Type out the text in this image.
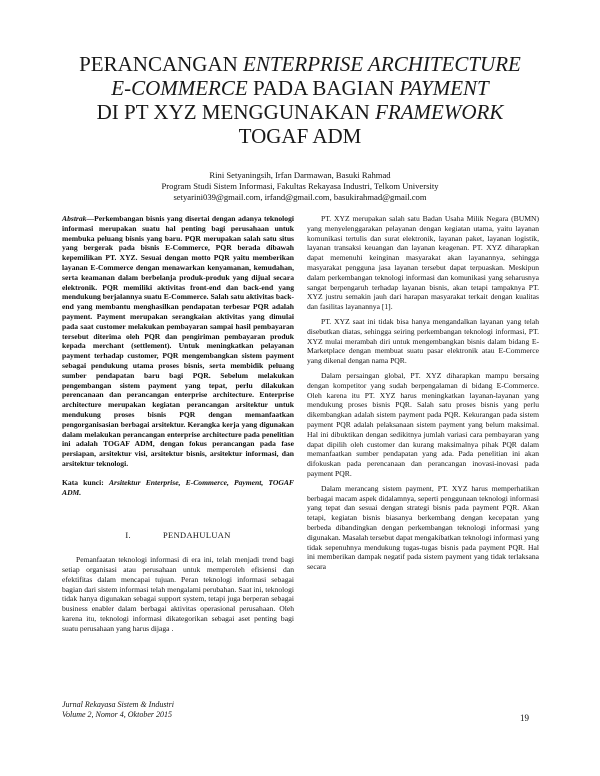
PERANCANGAN ENTERPRISE ARCHITECTURE
E-COMMERCE PADA BAGIAN PAYMENT
DI PT XYZ MENGGUNAKAN FRAMEWORK
TOGAF ADM
Rini Setyaningsih, Irfan Darmawan, Basuki Rahmad
Program Studi Sistem Informasi, Fakultas Rekayasa Industri, Telkom University
setyarini039@gmail.com, irfand@gmail.com, basukirahmad@gmail.com

Abstrak—Perkembangan bisnis yang disertai dengan adanya teknologi informasi merupakan suatu hal penting bagi perusahaan untuk membuka peluang bisnis yang baru. PQR merupakan salah satu situs yang bergerak pada bisnis E-Commerce, PQR berada dibawah kepemilikan PT. XYZ. Sesuai dengan motto PQR yaitu memberikan layanan E-Commerce dengan menawarkan kenyamanan, kemudahan, serta keamanan dalam berbelanja produk-produk yang dijual secara elektronik. PQR memiliki aktivitas front-end dan back-end yang mendukung berjalannya suatu E-Commerce. Salah satu aktivitas back-end yang membantu menghasilkan pendapatan terbesar PQR adalah payment. Payment merupakan serangkaian aktivitas yang dimulai pada saat customer melakukan pembayaran sampai hasil pembayaran tersebut diterima oleh PQR dan pengiriman pembayaran produk kepada merchant (settlement). Untuk meningkatkan pelayanan payment terhadap customer, PQR mengembangkan sistem payment sebagai pendukung utama proses bisnis, serta membidik peluang sumber pendapatan baru bagi PQR. Sebelum melakukan pengembangan sistem payment yang tepat, perlu dilakukan perencanaan dan perancangan enterprise architecture. Enterprise architecture merupakan kegiatan perancangan arsitektur untuk mendukung proses bisnis PQR dengan memanfaatkan pengorganisasian berbagai arsitektur. Kerangka kerja yang digunakan dalam melakukan perancangan enterprise architecture pada penelitian ini adalah TOGAF ADM, dengan fokus perancangan pada fase persiapan, arsitektur visi, arsitektur bisnis, arsitektur informasi, dan arsitektur teknologi.

Kata kunci: Arsitektur Enterprise, E-Commerce, Payment, TOGAF ADM.

I.	PENDAHULUAN

Pemanfaatan teknologi informasi di era ini, telah menjadi trend bagi setiap organisasi atau perusahaan untuk memperoleh efisiensi dan efektifitas dalam mencapai tujuan. Peran teknologi informasi sebagai bagian dari sistem informasi telah mengalami perubahan. Saat ini, teknologi tidak hanya digunakan sebagai support system, tetapi juga berperan sebagai business enabler dalam berbagai aktivitas operasional perusahaan. Oleh karena itu, teknologi informasi dikategorikan sebagai aset penting bagi suatu perusahaan yang harus dijaga .

PT. XYZ merupakan salah satu Badan Usaha Milik Negara (BUMN) yang menyelenggarakan pelayanan dengan kegiatan utama, yaitu layanan komunikasi tertulis dan surat elektronik, layanan paket, layanan logistik, layanan transaksi keuangan dan layanan keagenan. PT. XYZ diharapkan dapat memenuhi keinginan masyarakat akan layanannya, sehingga masyarakat pengguna jasa layanan tersebut dapat terpuaskan. Meskipun dalam perkembangan teknologi informasi dan komunikasi yang seharusnya sangat berpengaruh terhadap layanan bisnis, akan tetapi tampaknya PT. XYZ justru semakin jauh dari harapan masyarakat terkait dengan kualitas dan fasilitas layanannya [1].

PT. XYZ saat ini tidak bisa hanya mengandalkan layanan yang telah disebutkan diatas, sehingga seiring perkembangan teknologi informasi, PT. XYZ mulai merambah diri untuk mengembangkan bisnis dalam bidang E-Marketplace dengan membuat suatu pasar elektronik atau E-Commerce yang dikenal dengan nama PQR.

Dalam persaingan global, PT. XYZ diharapkan mampu bersaing dengan kompetitor yang sudah berpengalaman di bidang E-Commerce. Oleh karena itu PT. XYZ harus meningkatkan layanan-layanan yang mendukung proses bisnis PQR. Salah satu proses bisnis yang perlu dikembangkan adalah sistem payment pada PQR. Kekurangan pada sistem payment PQR adalah pelaksanaan sistem payment yang belum maksimal. Hal ini dibuktikan dengan sedikitnya jumlah variasi cara pembayaran yang dapat dipilih oleh customer dan kurang maksimalnya pihak PQR dalam memanfaatkan sumber pendapatan yang ada. Pada penelitian ini akan difokuskan pada perencanaan dan perancangan inovasi-inovasi pada payment PQR.

Dalam merancang sistem payment, PT. XYZ harus memperhatikan berbagai macam aspek didalamnya, seperti penggunaan teknologi informasi yang tepat dan sesuai dengan strategi bisnis pada payment PQR. Akan tetapi, kegiatan bisnis biasanya berkembang dengan kecepatan yang berbeda dibandingkan dengan perkembangan teknologi informasi yang digunakan. Masalah tersebut dapat mengakibatkan teknologi informasi yang tidak sepenuhnya mendukung tugas-tugas bisnis pada payment PQR. Hal ini memberikan dampak negatif pada sistem payment yang tidak terlaksana secara

Jurnal Rekayasa Sistem & Industri
Volume 2, Nomor 4, Oktober 2015	19
